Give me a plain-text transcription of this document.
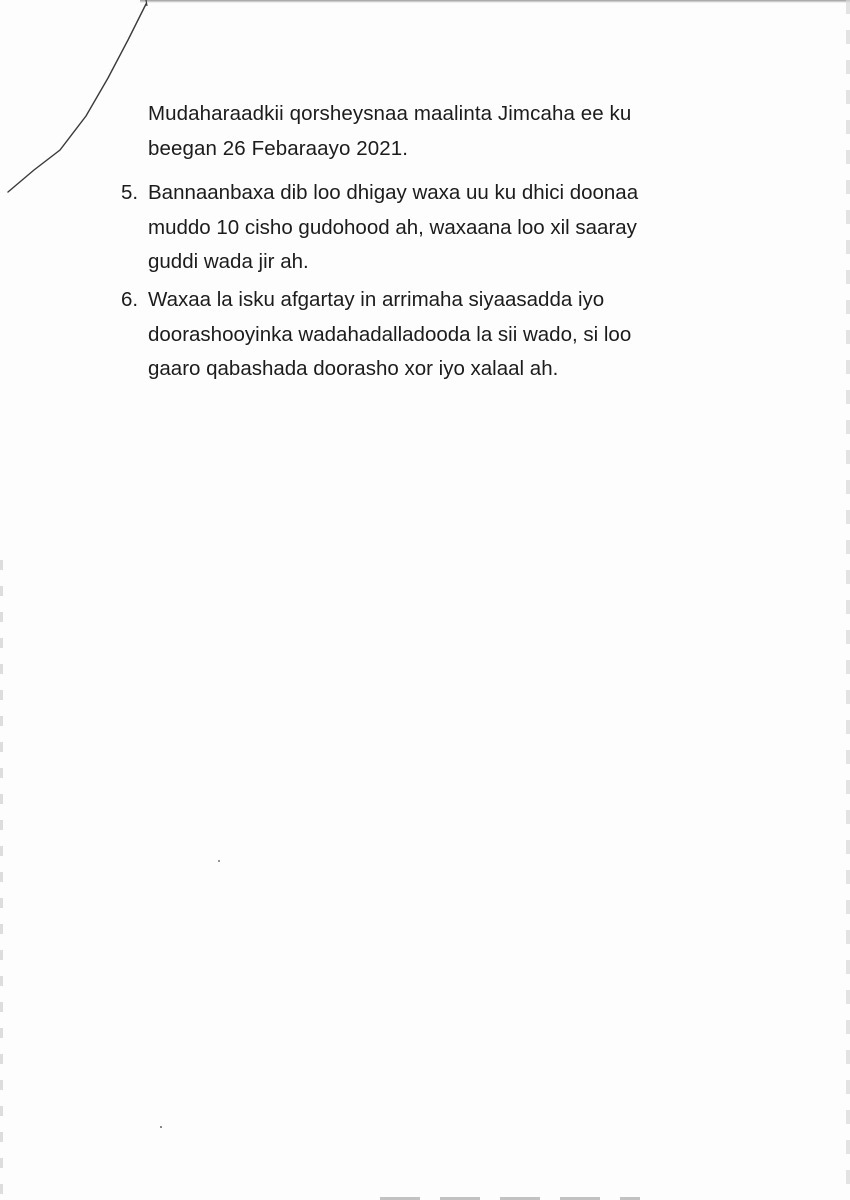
Mudaharaadkii qorsheysnaa maalinta Jimcaha ee ku
beegan 26 Febaraayo 2021.
5. Bannaanbaxa dib loo dhigay waxa uu ku dhici doonaa
muddo 10 cisho gudohood ah, waxaana loo xil saaray
guddi wada jir ah.
6. Waxaa la isku afgartay in arrimaha siyaasadda iyo
doorashooyinka wadahadalladooda la sii wado, si loo
gaaro qabashada doorasho xor iyo xalaal ah.
